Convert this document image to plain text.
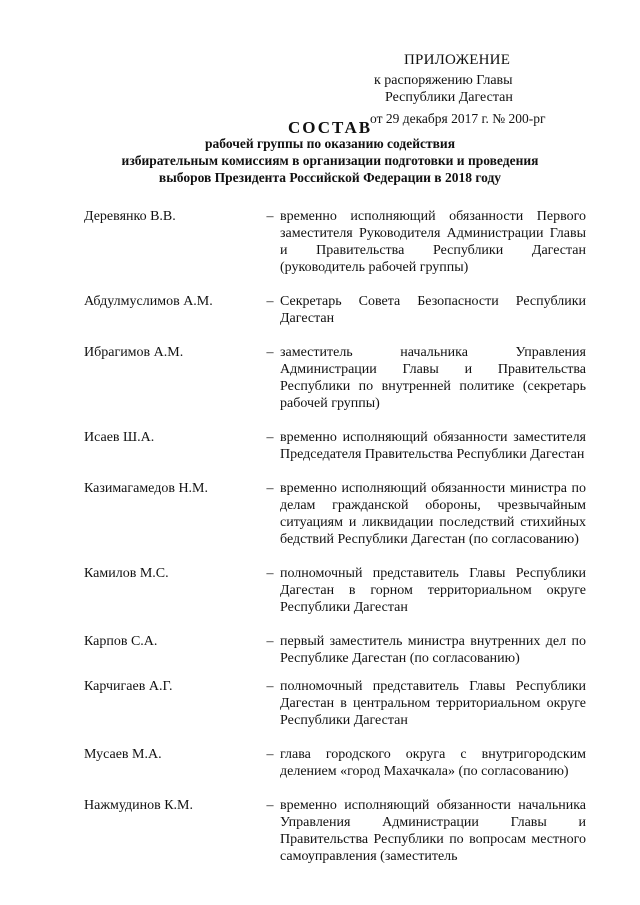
ПРИЛОЖЕНИЕ
к распоряжению Главы
Республики Дагестан
от 29 декабря 2017 г. № 200-рг
СОСТАВ
рабочей группы по оказанию содействия
избирательным комиссиям в организации подготовки и проведения
выборов Президента Российской Федерации в 2018 году
Деревянко В.В.	– временно исполняющий обязанности Первого заместителя Руководителя Администрации Главы и Правительства Республики Дагестан (руководитель рабочей группы)
Абдулмуслимов А.М.	– Секретарь Совета Безопасности Республики Дагестан
Ибрагимов А.М.	– заместитель начальника Управления Администрации Главы и Правительства Республики по внутренней политике (секретарь рабочей группы)
Исаев Ш.А.	– временно исполняющий обязанности заместителя Председателя Правительства Республики Дагестан
Казимагамедов Н.М.	– временно исполняющий обязанности министра по делам гражданской обороны, чрезвычайным ситуациям и ликвидации последствий стихийных бедствий Республики Дагестан (по согласованию)
Камилов М.С.	– полномочный представитель Главы Республики Дагестан в горном территориальном округе Республики Дагестан
Карпов С.А.	– первый заместитель министра внутренних дел по Республике Дагестан (по согласованию)
Карчигаев А.Г.	– полномочный представитель Главы Республики Дагестан в центральном территориальном округе Республики Дагестан
Мусаев М.А.	– глава городского округа с внутригородским делением «город Махачкала» (по согласованию)
Нажмудинов К.М.	– временно исполняющий обязанности начальника Управления Администрации Главы и Правительства Республики по вопросам местного самоуправления (заместитель
